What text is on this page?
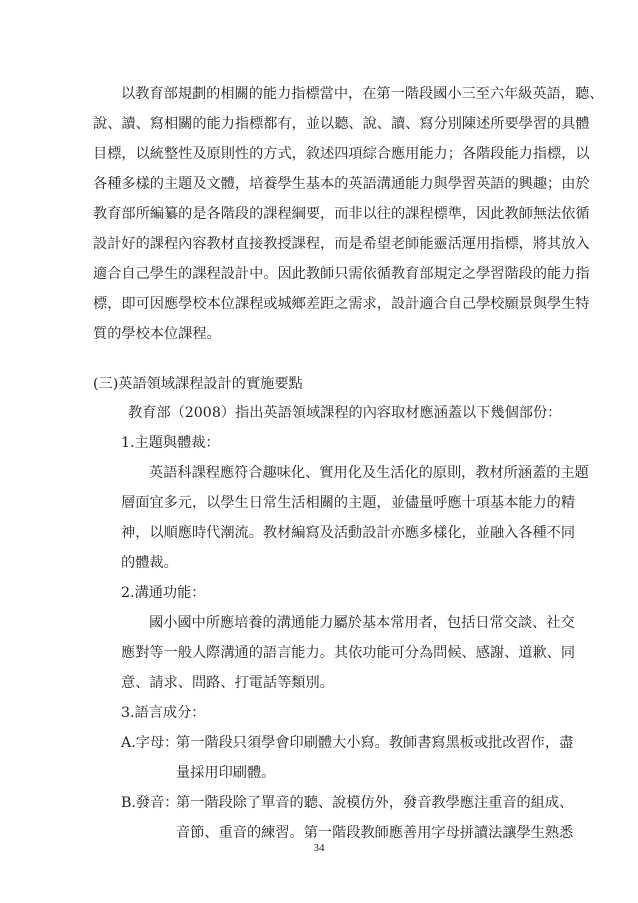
以教育部規劃的相關的能力指標當中，在第一階段國小三至六年級英語，聽、
說、讀、寫相關的能力指標都有，並以聽、說、讀、寫分別陳述所要學習的具體
目標，以統整性及原則性的方式，敘述四項綜合應用能力；各階段能力指標，以
各種多樣的主題及文體，培養學生基本的英語溝通能力與學習英語的興趣；由於
教育部所編纂的是各階段的課程綱要，而非以往的課程標準，因此教師無法依循
設計好的課程內容教材直接教授課程，而是希望老師能靈活運用指標，將其放入
適合自己學生的課程設計中。因此教師只需依循教育部規定之學習階段的能力指
標，即可因應學校本位課程或城鄉差距之需求，設計適合自己學校願景與學生特
質的學校本位課程。
(三)英語領域課程設計的實施要點
教育部（2008）指出英語領域課程的內容取材應涵蓋以下幾個部份：
1.主題與體裁：
英語科課程應符合趣味化、實用化及生活化的原則，教材所涵蓋的主題
層面宜多元，以學生日常生活相關的主題，並儘量呼應十項基本能力的精
神，以順應時代潮流。教材編寫及活動設計亦應多樣化，並融入各種不同
的體裁。
2.溝通功能：
國小國中所應培養的溝通能力屬於基本常用者，包括日常交談、社交
應對等一般人際溝通的語言能力。其依功能可分為問候、感謝、道歉、同
意、請求、問路、打電話等類別。
3.語言成分：
A.字母：
第一階段只須學會印刷體大小寫。教師書寫黑板或批改習作，盡
量採用印刷體。
B.發音：
第一階段除了單音的聽、說模仿外，發音教學應注重音的組成、
音節、重音的練習。第一階段教師應善用字母拼讀法讓學生熟悉
34
